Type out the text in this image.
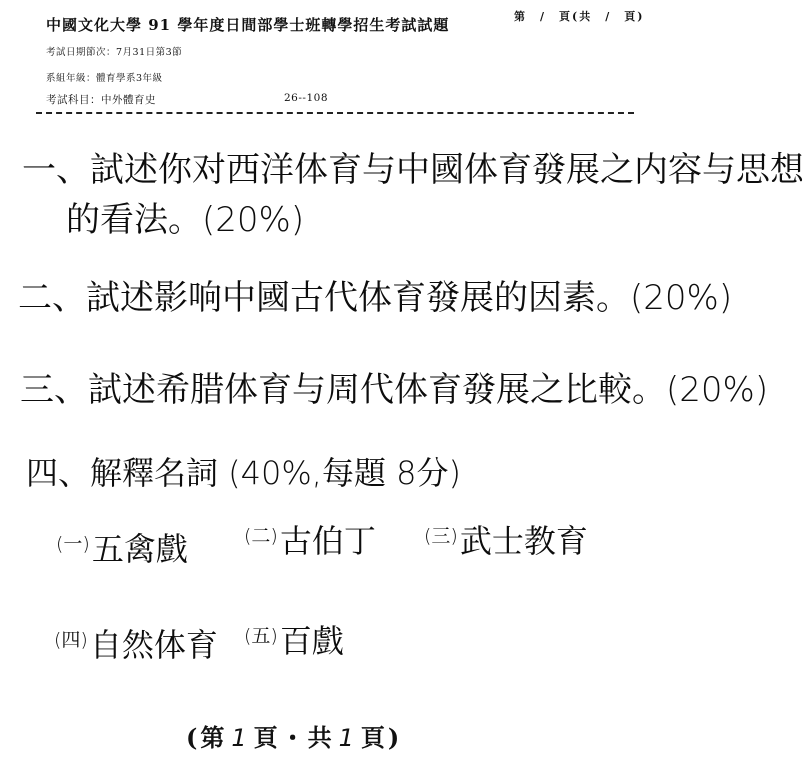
中國文化大學 91 學年度日間部學士班轉學招生考試試題	第　/　頁(共　/　頁)
考試日期節次：7月31日第3節
系組年級：體育學系3年級
考試科目：中外體育史	26--108
一、試述你对西洋体育与中國体育發展之内容与思想
的看法。(20%)
二、試述影响中國古代体育發展的因素。(20%)
三、試述希腊体育与周代体育發展之比較。(20%)
四、解釋名詞 (40%,每題 8分)
$^{(一)}$五禽戲	$^{(二)}$古伯丁	$^{(三)}$武士教育
$^{(四)}$自然体育 $^{(五)}$百戲
(第 1 頁・共 1 頁)
